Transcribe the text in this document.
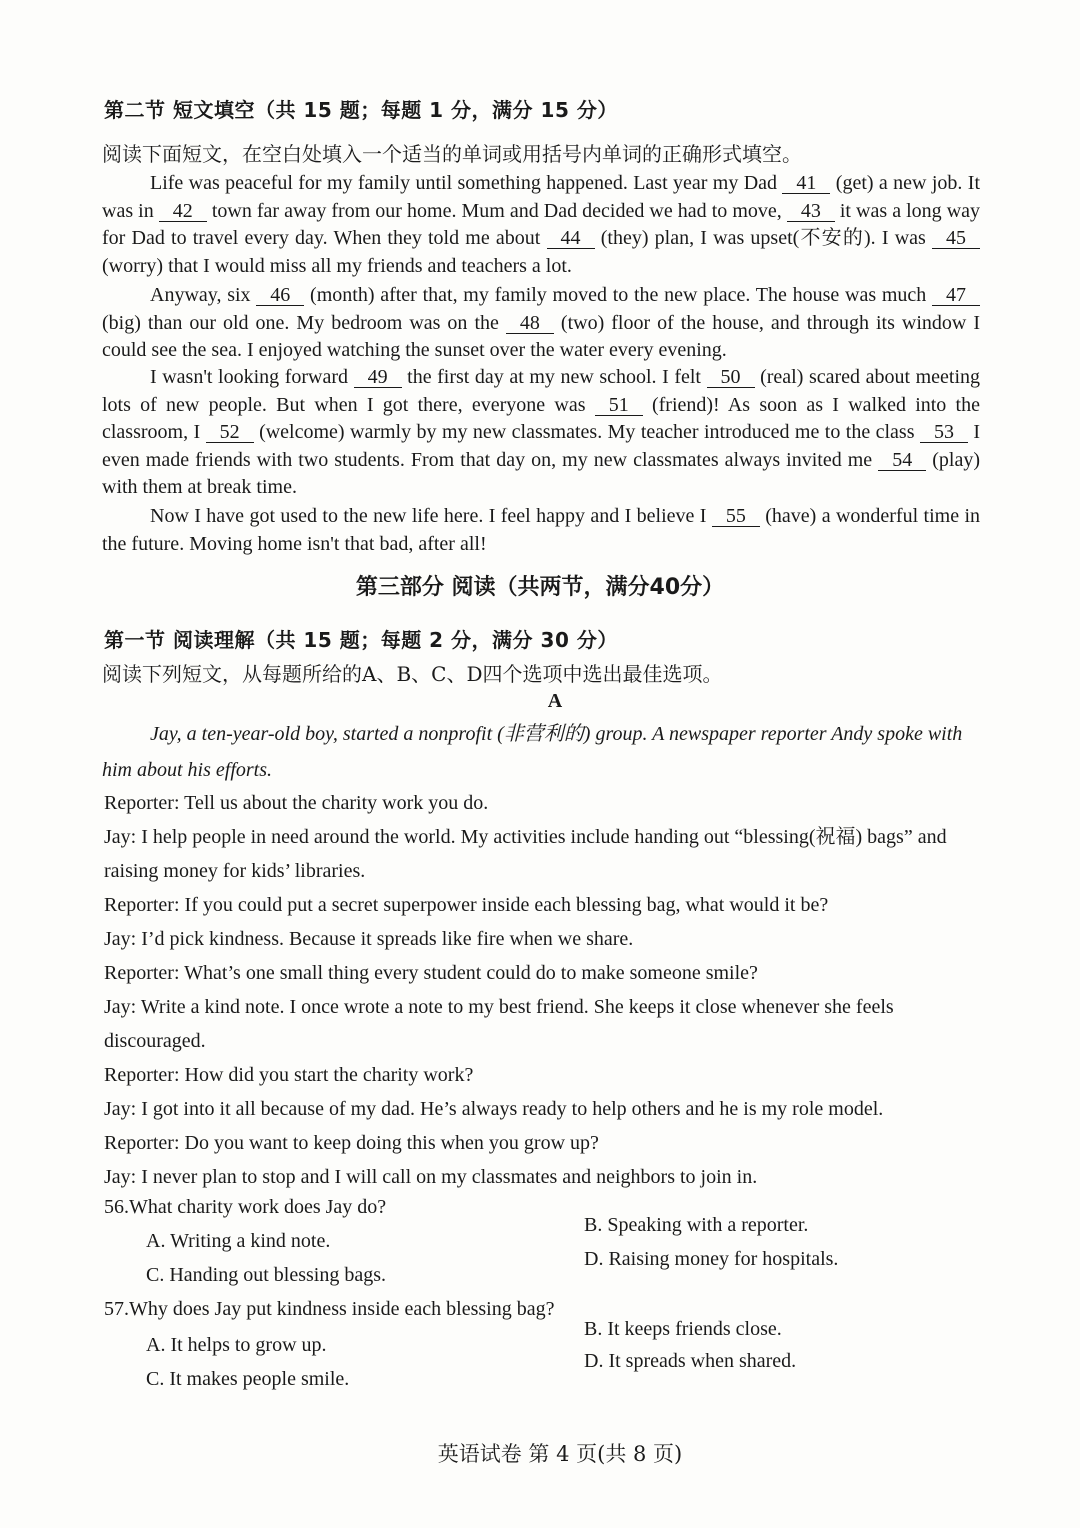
第二节 短文填空（共 15 题；每题 1 分，满分 15 分）
阅读下面短文，在空白处填入一个适当的单词或用括号内单词的正确形式填空。
Life was peaceful for my family until something happened. Last year my Dad 41 (get) a new job. It was in 42 town far away from our home. Mum and Dad decided we had to move, 43 it was a long way for Dad to travel every day. When they told me about 44 (they) plan, I was upset(不安的). I was 45 (worry) that I would miss all my friends and teachers a lot.
Anyway, six 46 (month) after that, my family moved to the new place. The house was much 47 (big) than our old one. My bedroom was on the 48 (two) floor of the house, and through its window I could see the sea. I enjoyed watching the sunset over the water every evening.
I wasn't looking forward 49 the first day at my new school. I felt 50 (real) scared about meeting lots of new people. But when I got there, everyone was 51 (friend)! As soon as I walked into the classroom, I 52 (welcome) warmly by my new classmates. My teacher introduced me to the class 53 I even made friends with two students. From that day on, my new classmates always invited me 54 (play) with them at break time.
Now I have got used to the new life here. I feel happy and I believe I 55 (have) a wonderful time in the future. Moving home isn't that bad, after all!
第三部分 阅读（共两节，满分40分）
第一节 阅读理解（共 15 题；每题 2 分，满分 30 分）
阅读下列短文，从每题所给的A、B、C、D四个选项中选出最佳选项。
A
Jay, a ten-year-old boy, started a nonprofit (非营利的) group. A newspaper reporter Andy spoke with him about his efforts.

Reporter: Tell us about the charity work you do.

Jay: I help people in need around the world. My activities include handing out “blessing(祝福) bags” and raising money for kids’ libraries.

Reporter: If you could put a secret superpower inside each blessing bag, what would it be?

Jay: I’d pick kindness. Because it spreads like fire when we share.

Reporter: What’s one small thing every student could do to make someone smile?

Jay: Write a kind note. I once wrote a note to my best friend. She keeps it close whenever she feels discouraged.

Reporter: How did you start the charity work?

Jay: I got into it all because of my dad. He’s always ready to help others and he is my role model.

Reporter: Do you want to keep doing this when you grow up?

Jay: I never plan to stop and I will call on my classmates and neighbors to join in.

56.What charity work does Jay do?
A. Writing a kind note.
B. Speaking with a reporter.
C. Handing out blessing bags.
D. Raising money for hospitals.
57.Why does Jay put kindness inside each blessing bag?
A. It helps to grow up.
B. It keeps friends close.
C. It makes people smile.
D. It spreads when shared.
英语试卷 第 4 页(共 8 页)
